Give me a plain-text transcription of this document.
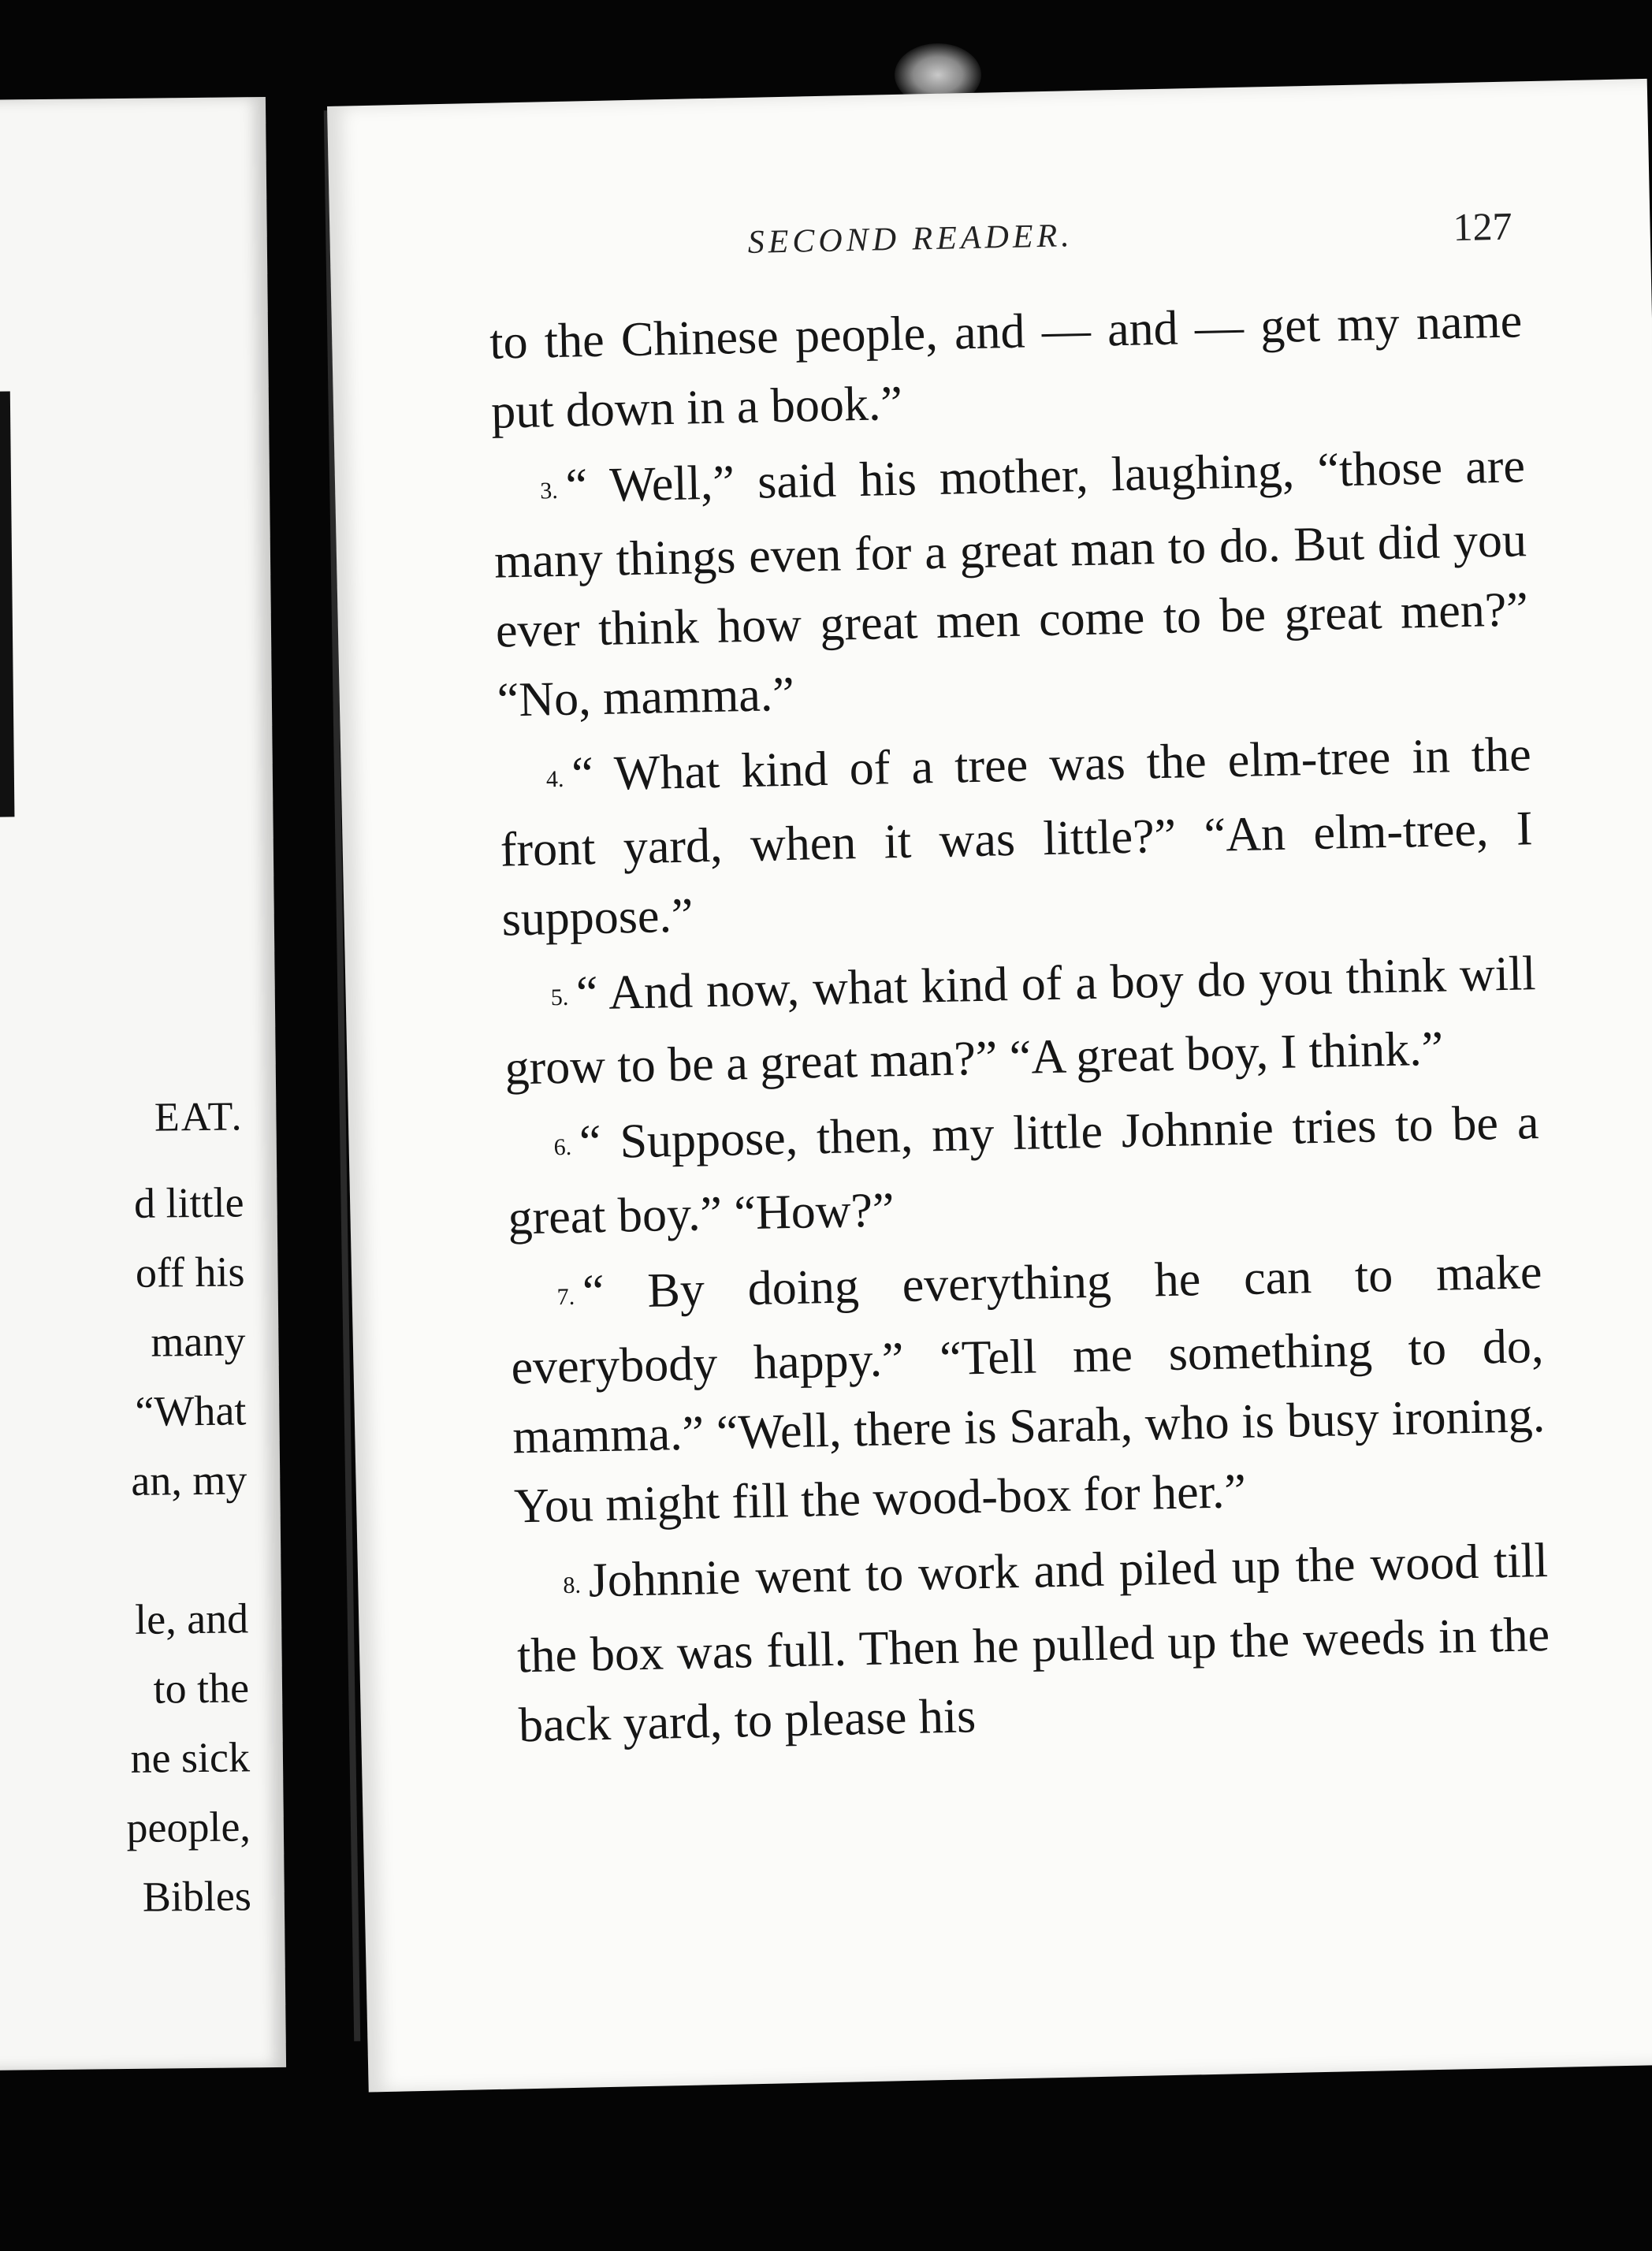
EAT.
d little
off his
many
“What
an, my

le, and
to the
ne sick
people,
Bibles
SECOND READER.	127

to the Chinese people, and — and — get my name put down in a book.”

3. “ Well,” said his mother, laughing, “those are many things even for a great man to do. But did you ever think how great men come to be great men?” “No, mamma.”

4. “ What kind of a tree was the elm-tree in the front yard, when it was little?” “An elm-tree, I suppose.”

5. “ And now, what kind of a boy do you think will grow to be a great man?” “A great boy, I think.”

6. “ Suppose, then, my little Johnnie tries to be a great boy.” “How?”

7. “ By doing everything he can to make everybody happy.” “Tell me something to do, mamma.” “Well, there is Sarah, who is busy ironing. You might fill the wood-box for her.”

8. Johnnie went to work and piled up the wood till the box was full. Then he pulled up the weeds in the back yard, to please his
